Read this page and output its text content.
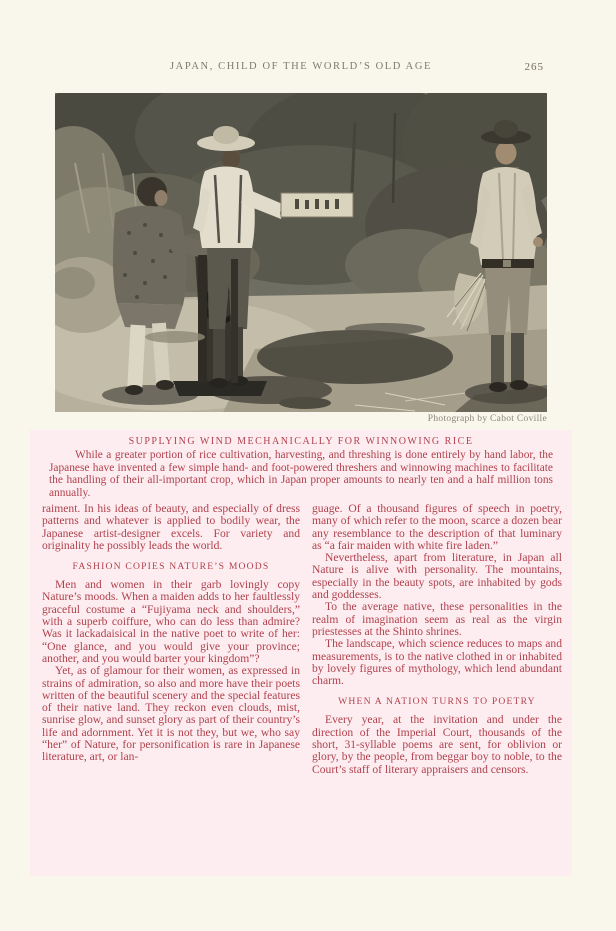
JAPAN, CHILD OF THE WORLD’S OLD AGE	265
Photograph by Cabot Coville
SUPPLYING WIND MECHANICALLY FOR WINNOWING RICE
While a greater portion of rice cultivation, harvesting, and threshing is done entirely by hand labor, the Japanese have invented a few simple hand- and foot-powered threshers and winnowing machines to facilitate the handling of their all-important crop, which in Japan proper amounts to nearly ten and a half million tons annually.

raiment. In his ideas of beauty, and especially of dress patterns and whatever is applied to bodily wear, the Japanese artist-designer excels. For variety and originality he possibly leads the world.

FASHION COPIES NATURE’S MOODS

Men and women in their garb lovingly copy Nature’s moods. When a maiden adds to her faultlessly graceful costume a “Fujiyama neck and shoulders,” with a superb coiffure, who can do less than admire? Was it lackadaisical in the native poet to write of her: “One glance, and you would give your province; another, and you would barter your kingdom”?

Yet, as of glamour for their women, as expressed in strains of admiration, so also and more have their poets written of the beautiful scenery and the special features of their native land. They reckon even clouds, mist, sunrise glow, and sunset glory as part of their country’s life and adornment. Yet it is not they, but we, who say “her” of Nature, for personification is rare in Japanese literature, art, or lan-

guage. Of a thousand figures of speech in poetry, many of which refer to the moon, scarce a dozen bear any resemblance to the description of that luminary as “a fair maiden with white fire laden.”

Nevertheless, apart from literature, in Japan all Nature is alive with personality. The mountains, especially in the beauty spots, are inhabited by gods and goddesses.

To the average native, these personalities in the realm of imagination seem as real as the virgin priestesses at the Shinto shrines.

The landscape, which science reduces to maps and measurements, is to the native clothed in or inhabited by lovely figures of mythology, which lend abundant charm.

WHEN A NATION TURNS TO POETRY

Every year, at the invitation and under the direction of the Imperial Court, thousands of the short, 31-syllable poems are sent, for oblivion or glory, by the people, from beggar boy to noble, to the Court’s staff of literary appraisers and censors.
